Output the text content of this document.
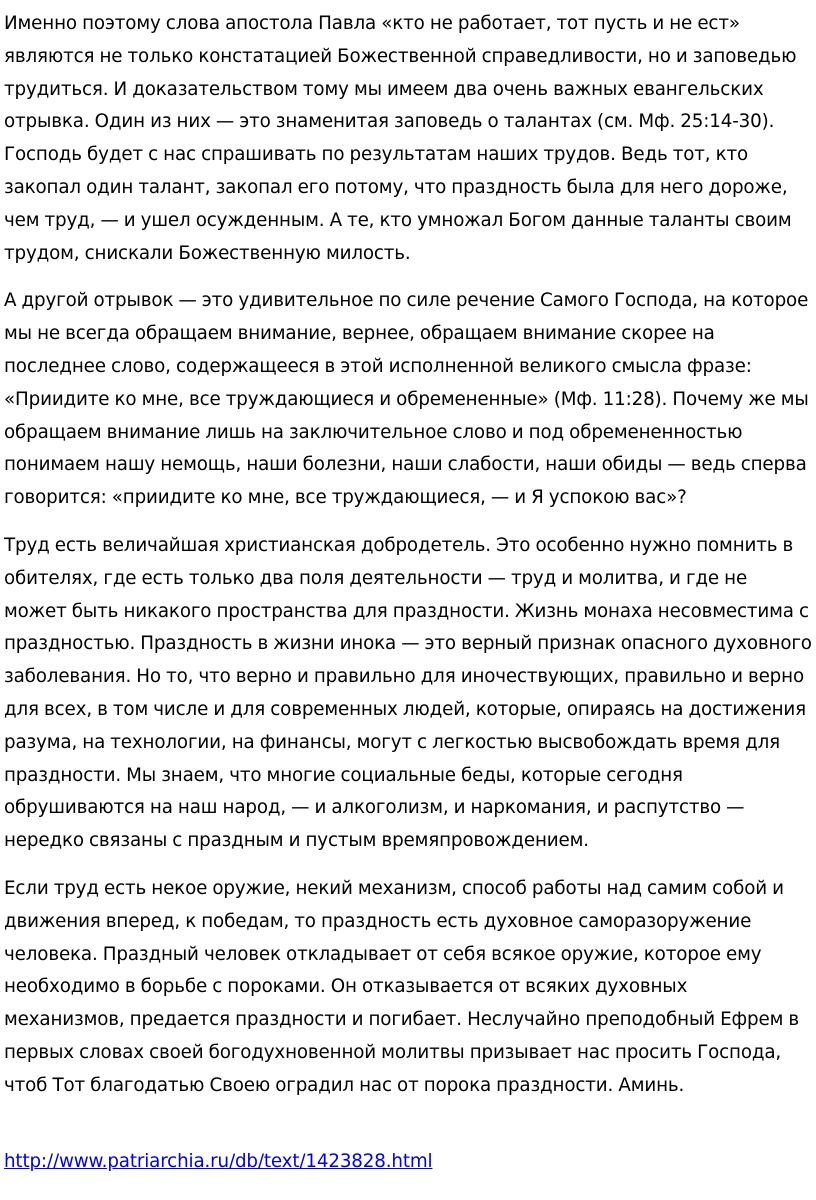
Именно поэтому слова апостола Павла «кто не работает, тот пусть и не ест» являются не только констатацией Божественной справедливости, но и заповедью трудиться. И доказательством тому мы имеем два очень важных евангельских отрывка. Один из них — это знаменитая заповедь о талантах (см. Мф. 25:14-30). Господь будет с нас спрашивать по результатам наших трудов. Ведь тот, кто закопал один талант, закопал его потому, что праздность была для него дороже, чем труд, — и ушел осужденным. А те, кто умножал Богом данные таланты своим трудом, снискали Божественную милость.

А другой отрывок — это удивительное по силе речение Самого Господа, на которое мы не всегда обращаем внимание, вернее, обращаем внимание скорее на последнее слово, содержащееся в этой исполненной великого смысла фразе: «Приидите ко мне, все труждающиеся и обремененные» (Мф. 11:28). Почему же мы обращаем внимание лишь на заключительное слово и под обремененностью понимаем нашу немощь, наши болезни, наши слабости, наши обиды — ведь сперва говорится: «приидите ко мне, все труждающиеся, — и Я успокою вас»?

Труд есть величайшая христианская добродетель. Это особенно нужно помнить в обителях, где есть только два поля деятельности — труд и молитва, и где не может быть никакого пространства для праздности. Жизнь монаха несовместима с праздностью. Праздность в жизни инока — это верный признак опасного духовного заболевания. Но то, что верно и правильно для иночествующих, правильно и верно для всех, в том числе и для современных людей, которые, опираясь на достижения разума, на технологии, на финансы, могут с легкостью высвобождать время для праздности. Мы знаем, что многие социальные беды, которые сегодня обрушиваются на наш народ, — и алкоголизм, и наркомания, и распутство — нередко связаны с праздным и пустым времяпровождением.

Если труд есть некое оружие, некий механизм, способ работы над самим собой и движения вперед, к победам, то праздность есть духовное саморазоружение человека. Праздный человек откладывает от себя всякое оружие, которое ему необходимо в борьбе с пороками. Он отказывается от всяких духовных механизмов, предается праздности и погибает. Неслучайно преподобный Ефрем в первых словах своей богодухновенной молитвы призывает нас просить Господа, чтоб Тот благодатью Своею оградил нас от порока праздности. Аминь.

http://www.patriarchia.ru/db/text/1423828.html
